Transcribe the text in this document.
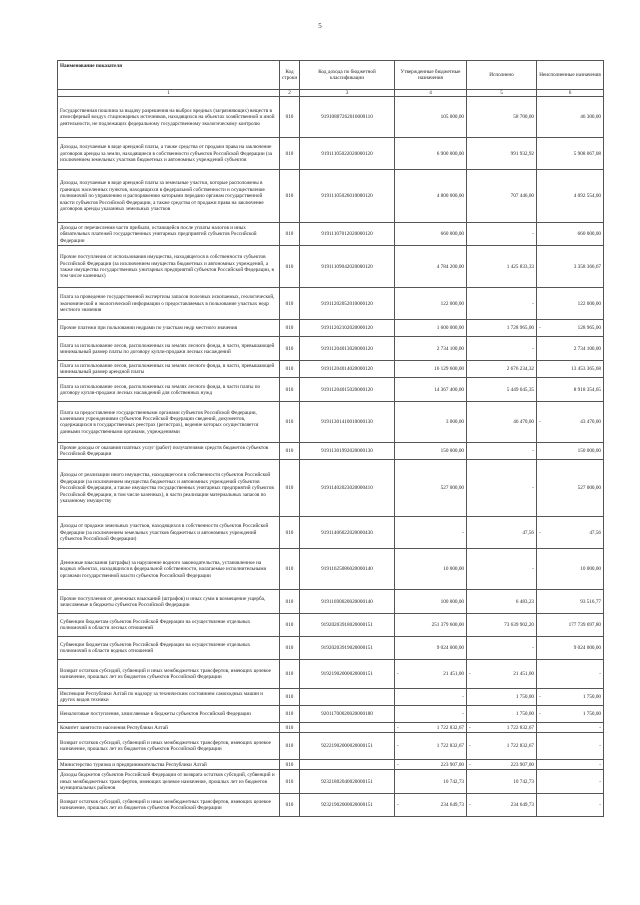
5
Наименование показателя	Код строки	Код дохода по бюджетной классификации	Утвержденные бюджетные назначения	Исполнено	Неисполненные назначения
1	2	3	4	5	6
Государственная пошлина за выдачу разрешения на выброс вредных (загрязняющих) веществ в атмосферный воздух стационарных источников, находящихся на объектах хозяйственной и иной деятельности, не подлежащих федеральному государственному экологическому контролю	010	91910807262010000110	105 000,00	58 700,00	46 300,00
Доходы, получаемые в виде арендной платы, а также средства от продажи права на заключение договоров аренды за земли, находящиеся в собственности субъектов Российской Федерации (за исключением земельных участков бюджетных и автономных учреждений субъектов	010	91911105022020000120	6 900 000,00	991 932,92	5 908 067,08
Доходы, получаемые в виде арендной платы за земельные участки, которые расположены в границах населенных пунктов, находящихся в федеральной собственности и осуществление полномочий по управлению и распоряжению которыми передано органам государственной власти субъектов Российской Федерации, а также средства от продажи права на заключение договоров аренды указанных земельных участков	010	91911105026010000120	4 800 000,00	707 446,00	4 092 554,00
Доходы от перечисления части прибыли, остающейся после уплаты налогов и иных обязательных платежей государственных унитарных предприятий субъектов Российской Федерации	010	91911107012020000120	660 000,00	-	660 000,00
Прочие поступления от использования имущества, находящегося в собственности субъектов Российской Федерации (за исключением имущества бюджетных и автономных учреждений, а также имущества государственных унитарных предприятий субъектов Российской Федерации, в том числе казенных)	010	91911109042020000120	4 784 200,00	1 425 833,33	3 358 366,67
Плата за проведение государственной экспертизы запасов полезных ископаемых, геологической, экономической и экологической информации о предоставляемых в пользование участках недр местного значения	010	91911202052010000120	122 000,00	-	122 000,00
Прочие платежи при пользовании недрами по участкам недр местного значения	010	91911202102020000120	1 600 000,00	1 728 965,00	- 128 965,00
Плата за использование лесов, расположенных на землях лесного фонда, в части, превышающей минимальный размер платы по договору купли-продажи лесных насаждений	010	91911204013020000120	2 734 100,00	-	2 734 100,00
Плата за использование лесов, расположенных на землях лесного фонда, в части, превышающей минимальный размер арендной платы	010	91911204014020000120	16 129 600,00	2 676 234,32	13 453 365,68
Плата за использование лесов, расположенных на землях лесного фонда, в части платы по договору купли-продажи лесных насаждений для собственных нужд	010	91911204015020000120	14 367 400,00	5 449 045,35	8 918 354,65
Плата за предоставление государственными органами субъектов Российской Федерации, казенными учреждениями субъектов Российской Федерации сведений, документов, содержащихся в государственных реестрах (регистрах), ведение которых осуществляется данными государственными органами, учреждениями	010	91911301410010000130	3 000,00	46 470,00	- 43 470,00
Прочие доходы от оказания платных услуг (работ) получателями средств бюджетов субъектов Российской Федерации	010	91911301992020000130	150 000,00	-	150 000,00
Доходы от реализации иного имущества, находящегося в собственности субъектов Российской Федерации (за исключением имущества бюджетных и автономных учреждений субъектов Российской Федерации, а также имущества государственных унитарных предприятий субъектов Российской Федерации, в том числе казенных), в части реализации материальных запасов по указанному имуществу	010	91911402023020000410	527 000,00	-	527 000,00
Доходы от продажи земельных участков, находящихся в собственности субъектов Российской Федерации (за исключением земельных участков бюджетных и автономных учреждений субъектов Российской Федерации)	010	91911406022020000430	-	47,56	- 47,56
Денежные взыскания (штрафы) за нарушение водного законодательства, установленное на водных объектах, находящихся в федеральной собственности, налагаемые исполнительными органами государственной власти субъектов Российской Федерации	010	91911625086020000140	10 000,00	-	10 000,00
Прочие поступления от денежных взысканий (штрафов) и иных сумм в возмещение ущерба, зачисляемые в бюджеты субъектов Российской Федерации	010	91911690020020000140	100 000,00	6 483,23	93 516,77
Субвенции бюджетам субъектов Российской Федерации на осуществление отдельных полномочий в области лесных отношений	010	91920203918020000151	251 379 600,00	73 639 902,20	177 739 697,80
Субвенции бюджетам субъектов Российской Федерации на осуществление отдельных полномочий в области водных отношений	010	91920203919020000151	9 024 000,00	-	9 024 000,00
Возврат остатков субсидий, субвенций и иных межбюджетных трансфертов, имеющих целевое назначение, прошлых лет из бюджетов субъектов Российской Федерации	010	91921902000020000151	- 21 451,00	- 21 451,00	-
Инспекция Республики Алтай по надзору за техническим состоянием самоходных машин и других видов техники	010		-	1 750,00	- 1 750,00
Неналоговые поступления, зачисляемые в бюджеты субъектов Российской Федерации	010	92011700020020000180	-	1 750,00	- 1 750,00
Комитет занятости населения Республики Алтай	010		- 1 722 832,67	- 1 722 832,67	-
Возврат остатков субсидий, субвенций и иных межбюджетных трансфертов, имеющих целевое назначение, прошлых лет из бюджетов субъектов Российской Федерации	010	92221902000020000151	- 1 722 832,67	- 1 722 832,67	-
Министерство туризма и предпринимательства Республики Алтай	010		- 223 907,00	- 223 907,00	-
Доходы бюджетов субъектов Российской Федерации от возврата остатков субсидий, субвенций и иных межбюджетных трансфертов, имеющих целевое назначение, прошлых лет из бюджетов муниципальных районов	010	92321802040020000151	10 742,73	10 742,73	-
Возврат остатков субсидий, субвенций и иных межбюджетных трансфертов, имеющих целевое назначение, прошлых лет из бюджетов субъектов Российской Федерации	010	92321902000020000151	- 234 649,73	- 234 649,73	-
